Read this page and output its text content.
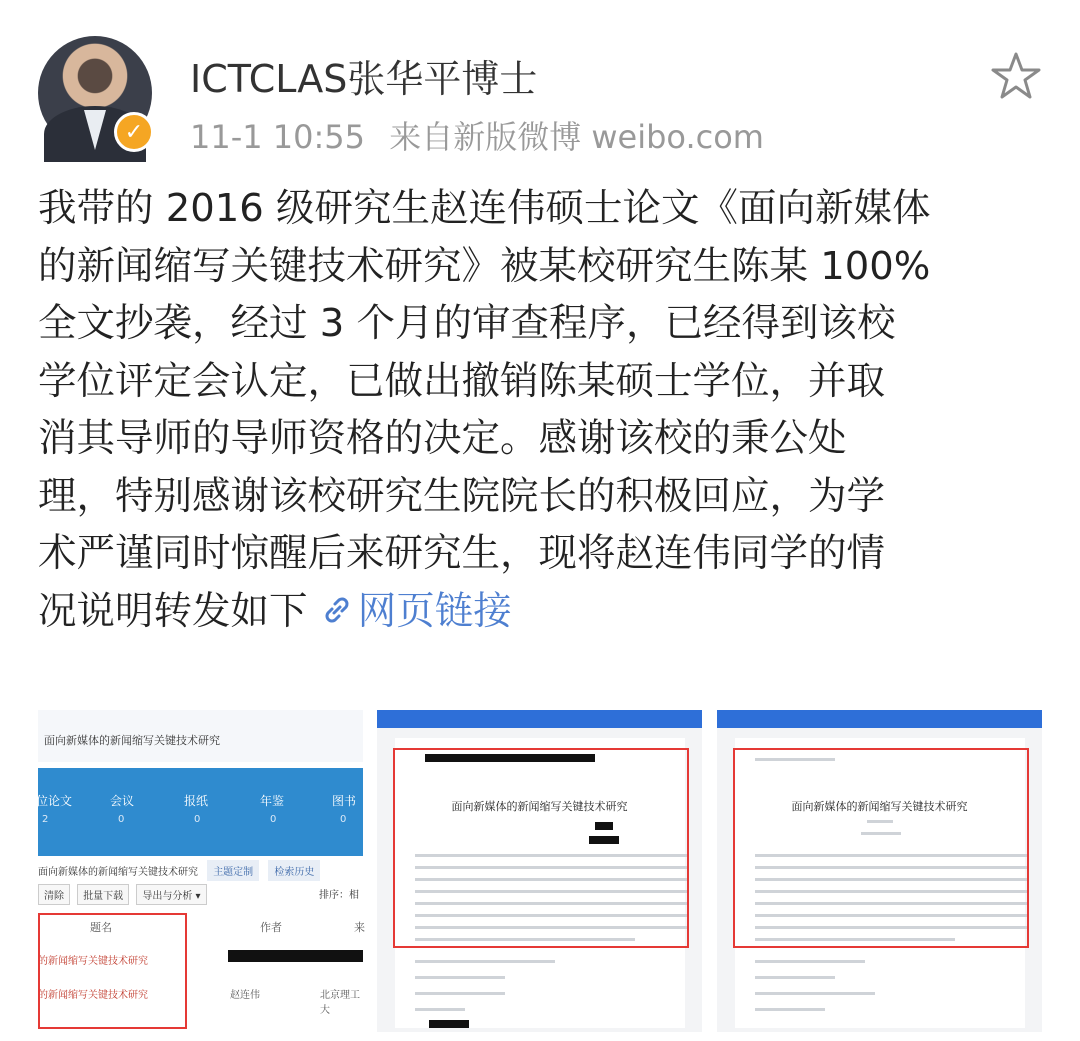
✓
ICTCLAS张华平博士
11-1 10:55 来自新版微博 weibo.com
我带的 2016 级研究生赵连伟硕士论文《面向新媒体
的新闻缩写关键技术研究》被某校研究生陈某 100%
全文抄袭，经过 3 个月的审查程序，已经得到该校
学位评定会认定，已做出撤销陈某硕士学位，并取
消其导师的导师资格的决定。感谢该校的秉公处
理，特别感谢该校研究生院院长的积极回应，为学
术严谨同时惊醒后来研究生，现将赵连伟同学的情
况说明转发如下 网页链接
面向新媒体的新闻缩写关键技术研究
位论文	会议	报纸	年鉴	图书
2	0	0	0	0
面向新媒体的新闻缩写关键技术研究 主题定制 检索历史
清除 批量下载 导出与分析 ▾	排序：相
题名	作者	来
的新闻缩写关键技术研究
的新闻缩写关键技术研究	赵连伟	北京理工大
面向新媒体的新闻缩写关键技术研究	面向新媒体的新闻缩写关键技术研究
